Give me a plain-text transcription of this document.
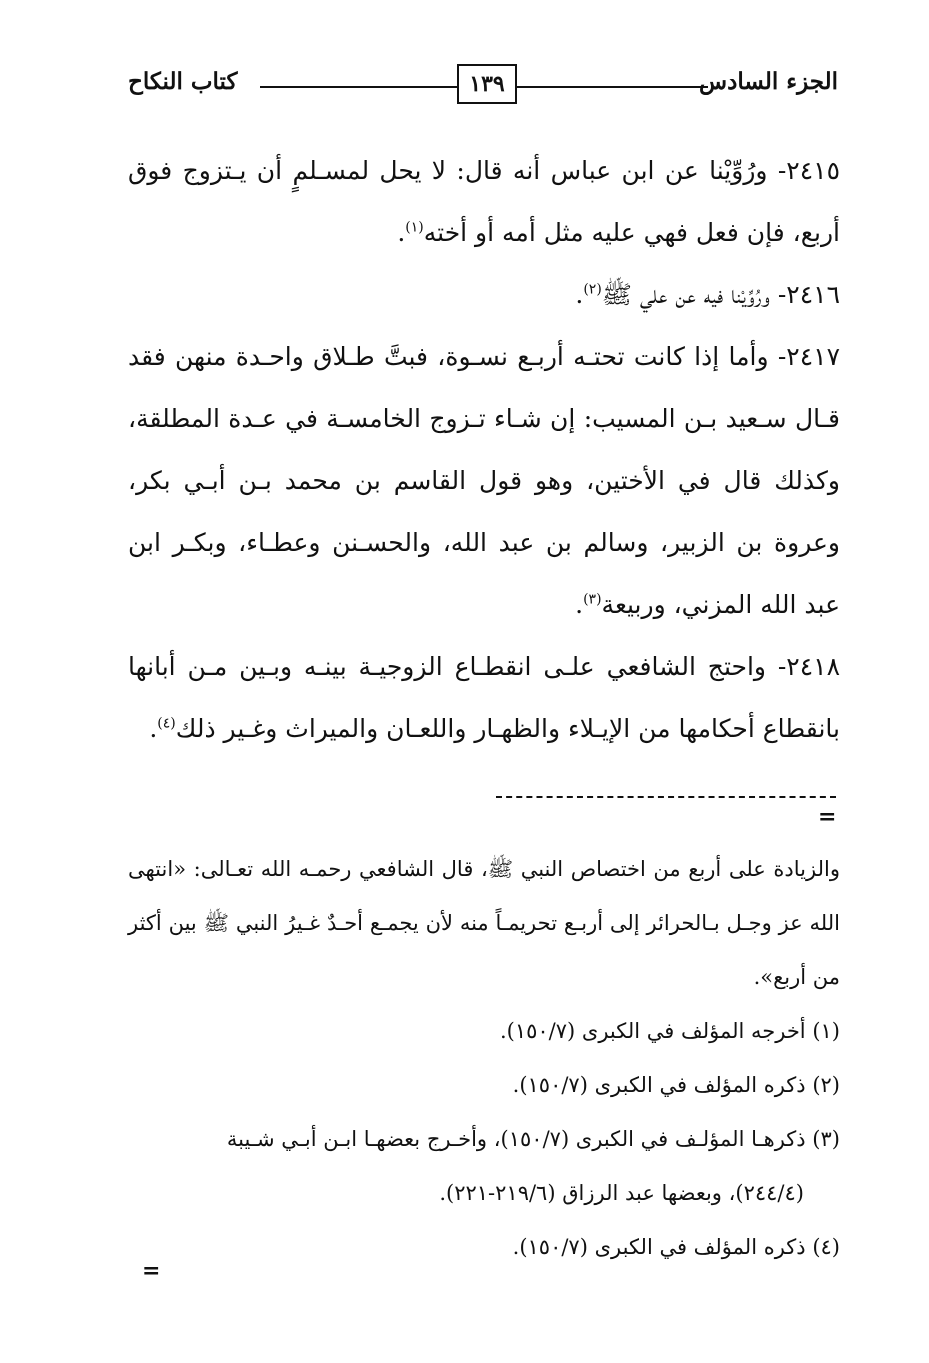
كتاب النكاح	الجزء السادس
١٣٩

٢٤١٥- ورُوِّيْنا عن ابن عباس أنه قال: لا يحل لمسـلمٍ أن يـتزوج فوق أربع، فإن فعل فهي عليه مثل أمه أو أخته$^{(١)}$.

٢٤١٦- ورُوِّيْنا فيه عن علي ﷺ$^{(٢)}$.

٢٤١٧- وأما إذا كانت تحتـه أربـع نسـوة، فبتَّ طـلاق واحـدة منهن فقد قـال سـعيد بـن المسيب: إن شـاء تـزوج الخامسـة في عـدة المطلقة، وكذلك قال في الأختين، وهو قول القاسم بن محمد بـن أبـي بكر، وعروة بن الزبير، وسالم بن عبد الله، والحسـنن وعطـاء، وبكـر ابن عبد الله المزني، وربيعة$^{(٣)}$.

٢٤١٨- واحتج الشافعي علـى انقطـاع الزوجيـة بينـه وبـين مـن أبانها بانقطاع أحكامها من الإيـلاء والظهـار واللعـان والميراث وغـير ذلك$^{(٤)}$.

=

والزيادة على أربع من اختصاص النبي ﷺ، قال الشافعي رحمـه الله تعـالى: «انتهى الله عز وجـل بـالحرائر إلى أربـع تحريمـاً منه لأن يجمـع أحـدٌ غـيرُ النبي ﷺ بين أكثر من أربع».

(١) أخرجه المؤلف في الكبرى (١٥٠/٧).

(٢) ذكره المؤلف في الكبرى (١٥٠/٧).

(٣) ذكرهـا المؤلـف في الكبرى (١٥٠/٧)، وأخـرج بعضهـا ابـن أبـي شـيبة

(٢٤٤/٤)، وبعضها عبد الرزاق (٢١٩/٦-٢٢١).

(٤) ذكره المؤلف في الكبرى (١٥٠/٧).

=
